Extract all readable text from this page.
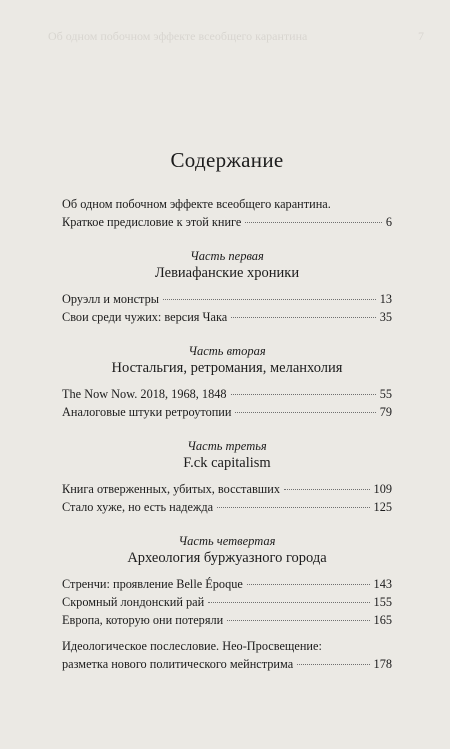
Об одном побочном эффекте всеобщего карантина	7
Содержание
Об одном побочном эффекте всеобщего карантина.
Краткое предисловие к этой книге	6
Часть первая
Левиафанские хроники
Оруэлл и монстры	13
Свои среди чужих: версия Чака	35
Часть вторая
Ностальгия, ретромания, меланхолия
The Now Now. 2018, 1968, 1848	55
Аналоговые штуки ретроутопии	79
Часть третья
F.ck capitalism
Книга отверженных, убитых, восставших	109
Стало хуже, но есть надежда	125
Часть четвертая
Археология буржуазного города
Стренчи: проявление Belle Époque	143
Скромный лондонский рай	155
Европа, которую они потеряли	165
Идеологическое послесловие. Нео-Просвещение:
разметка нового политического мейнстрима	178
